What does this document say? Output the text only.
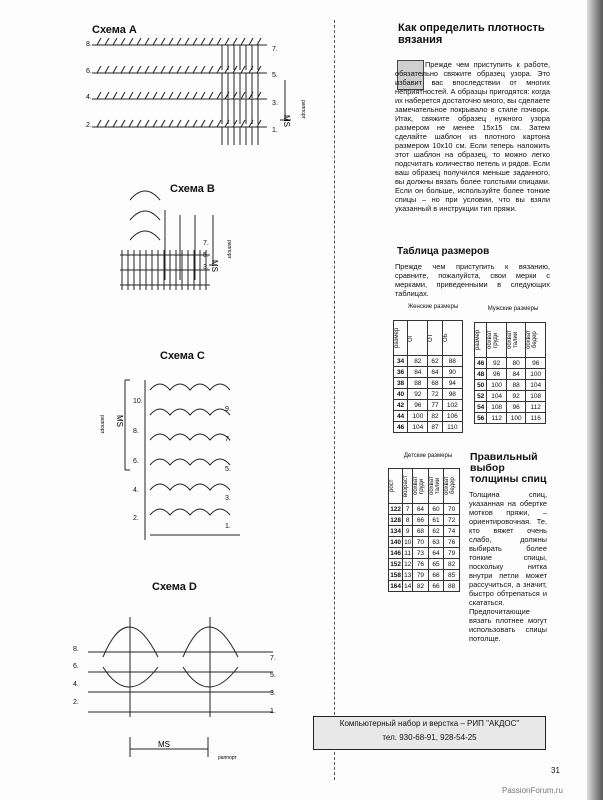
Схема А
MS
раппорт
8.
6.
4.
2.
7.
5.
3.
1.
Схема В
MS
раппорт
7.
5.
3.
Схема С
MS
раппорт
10.
8.
6.
4.
2.
9.
7.
5.
3.
1.
Схема D
MS
раппорт
8.
6.
4.
2.
7.
5.
3.
1.
Как определить плотность вязания
Прежде чем приступить к работе, обязательно свяжите образец узора. Это избавит вас впоследствии от многих неприятностей. А образцы пригодятся: когда их наберется достаточно много, вы сделаете замечательное покрывало в стиле пэчворк. Итак, свяжите образец нужного узора размером не менее 15x15 см. Затем сделайте шаблон из плотного картона размером 10x10 см. Если теперь наложить этот шаблон на образец, то можно легко подсчитать количество петель и рядов. Если ваш образец получился меньше заданного, вы должны вязать более толстыми спицами. Если он больше, используйте более тонкие спицы – но при условии, что вы взяли указанный в инструкции тип пряжи.
Таблица размеров
Прежде чем приступить к вязанию, сравните, пожалуйста, свои мерки с мерками, приведенными в следующих таблицах.
Женские размеры
размер	ОГ	ОТ	ОБ

34	82	62	88
36	84	64	90
38	88	68	94
40	92	72	98
42	96	77	102
44	100	82	106
46	104	87	110
Мужские размеры
размер	обхват груди	обхват талии	обхват бедер

46	92	80	96
48	96	84	100
50	100	88	104
52	104	92	108
54	108	96	112
56	112	100	116
Детские размеры
рост	возраст	обхват груди	обхват талии	обхват бедер

122	7	64	60	70
128	8	66	61	72
134	9	68	62	74
140	10	70	63	76
146	11	73	64	79
152	12	76	65	82
158	13	79	66	85
164	14	82	66	88
Правильный выбор толщины спиц
Толщина спиц, указанная на обертке мотков пряжи, – ориентировочная. Те, кто вяжет очень слабо, должны выбирать более тонкие спицы, поскольку нитка внутри петли может рассучиться, а значит, быстро обтрепаться и скататься. Предпочитающие вязать плотнее могут использовать спицы потолще.
Компьютерный набор и верстка – РИП "АКДОС"
тел. 930-68-91, 928-54-25
31
PassionForum.ru
